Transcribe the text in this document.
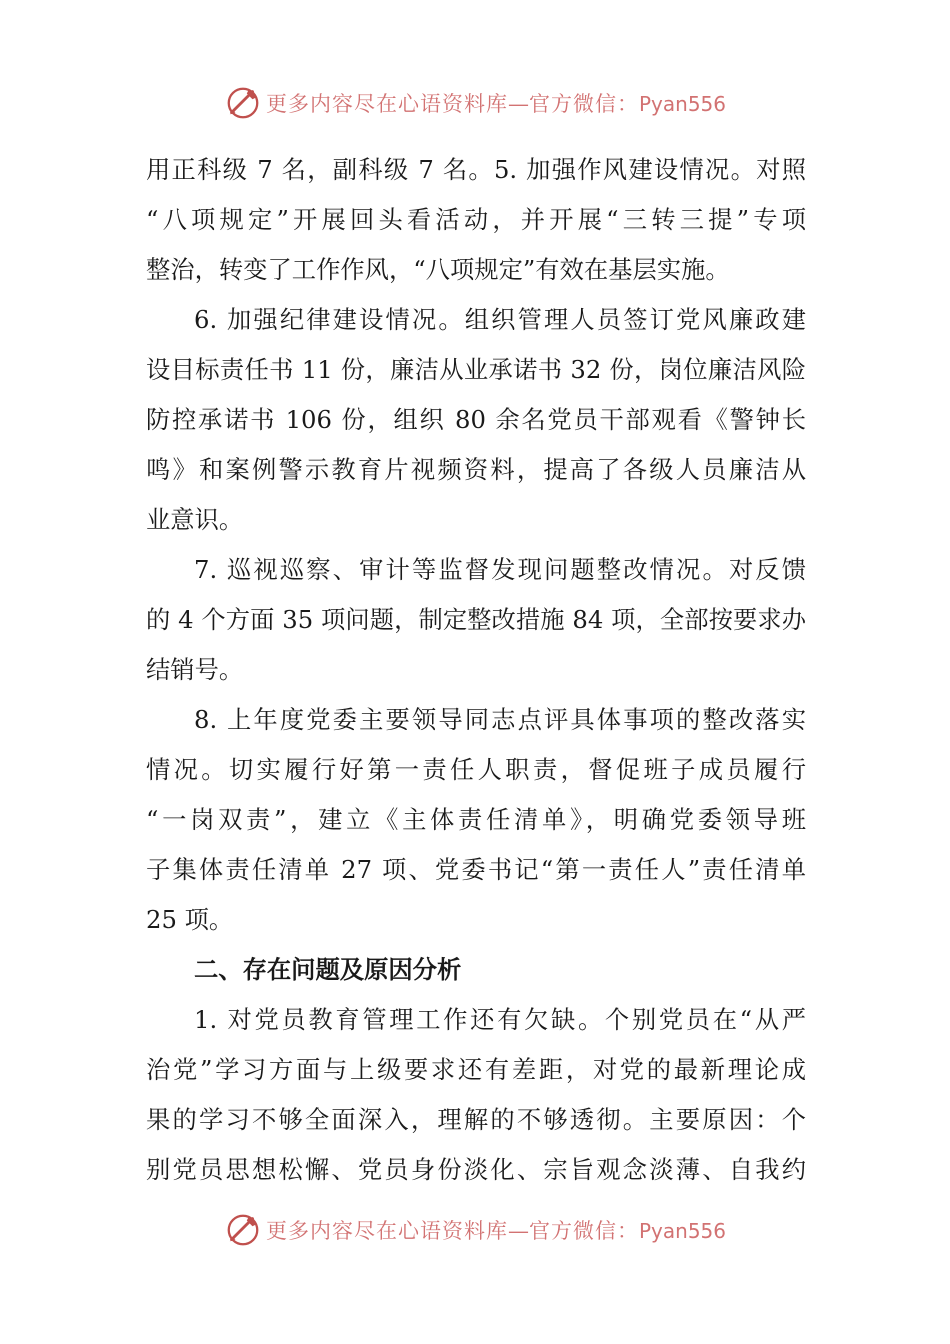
更多内容尽在心语资料库—官方微信：Pyan556
用正科级 7 名，副科级 7 名。5. 加强作风建设情况。对照
“八项规定”开展回头看活动，并开展“三转三提”专项
整治，转变了工作作风，“八项规定”有效在基层实施。
6. 加强纪律建设情况。组织管理人员签订党风廉政建
设目标责任书 11 份，廉洁从业承诺书 32 份，岗位廉洁风险
防控承诺书 106 份，组织 80 余名党员干部观看《警钟长
鸣》和案例警示教育片视频资料，提高了各级人员廉洁从
业意识。
7. 巡视巡察、审计等监督发现问题整改情况。对反馈
的 4 个方面 35 项问题，制定整改措施 84 项，全部按要求办
结销号。
8. 上年度党委主要领导同志点评具体事项的整改落实
情况。切实履行好第一责任人职责，督促班子成员履行
“一岗双责”，建立《主体责任清单》，明确党委领导班
子集体责任清单 27 项、党委书记“第一责任人”责任清单
25 项。
二、存在问题及原因分析
1. 对党员教育管理工作还有欠缺。个别党员在“从严
治党”学习方面与上级要求还有差距，对党的最新理论成
果的学习不够全面深入，理解的不够透彻。主要原因：个
别党员思想松懈、党员身份淡化、宗旨观念淡薄、自我约
更多内容尽在心语资料库—官方微信：Pyan556
